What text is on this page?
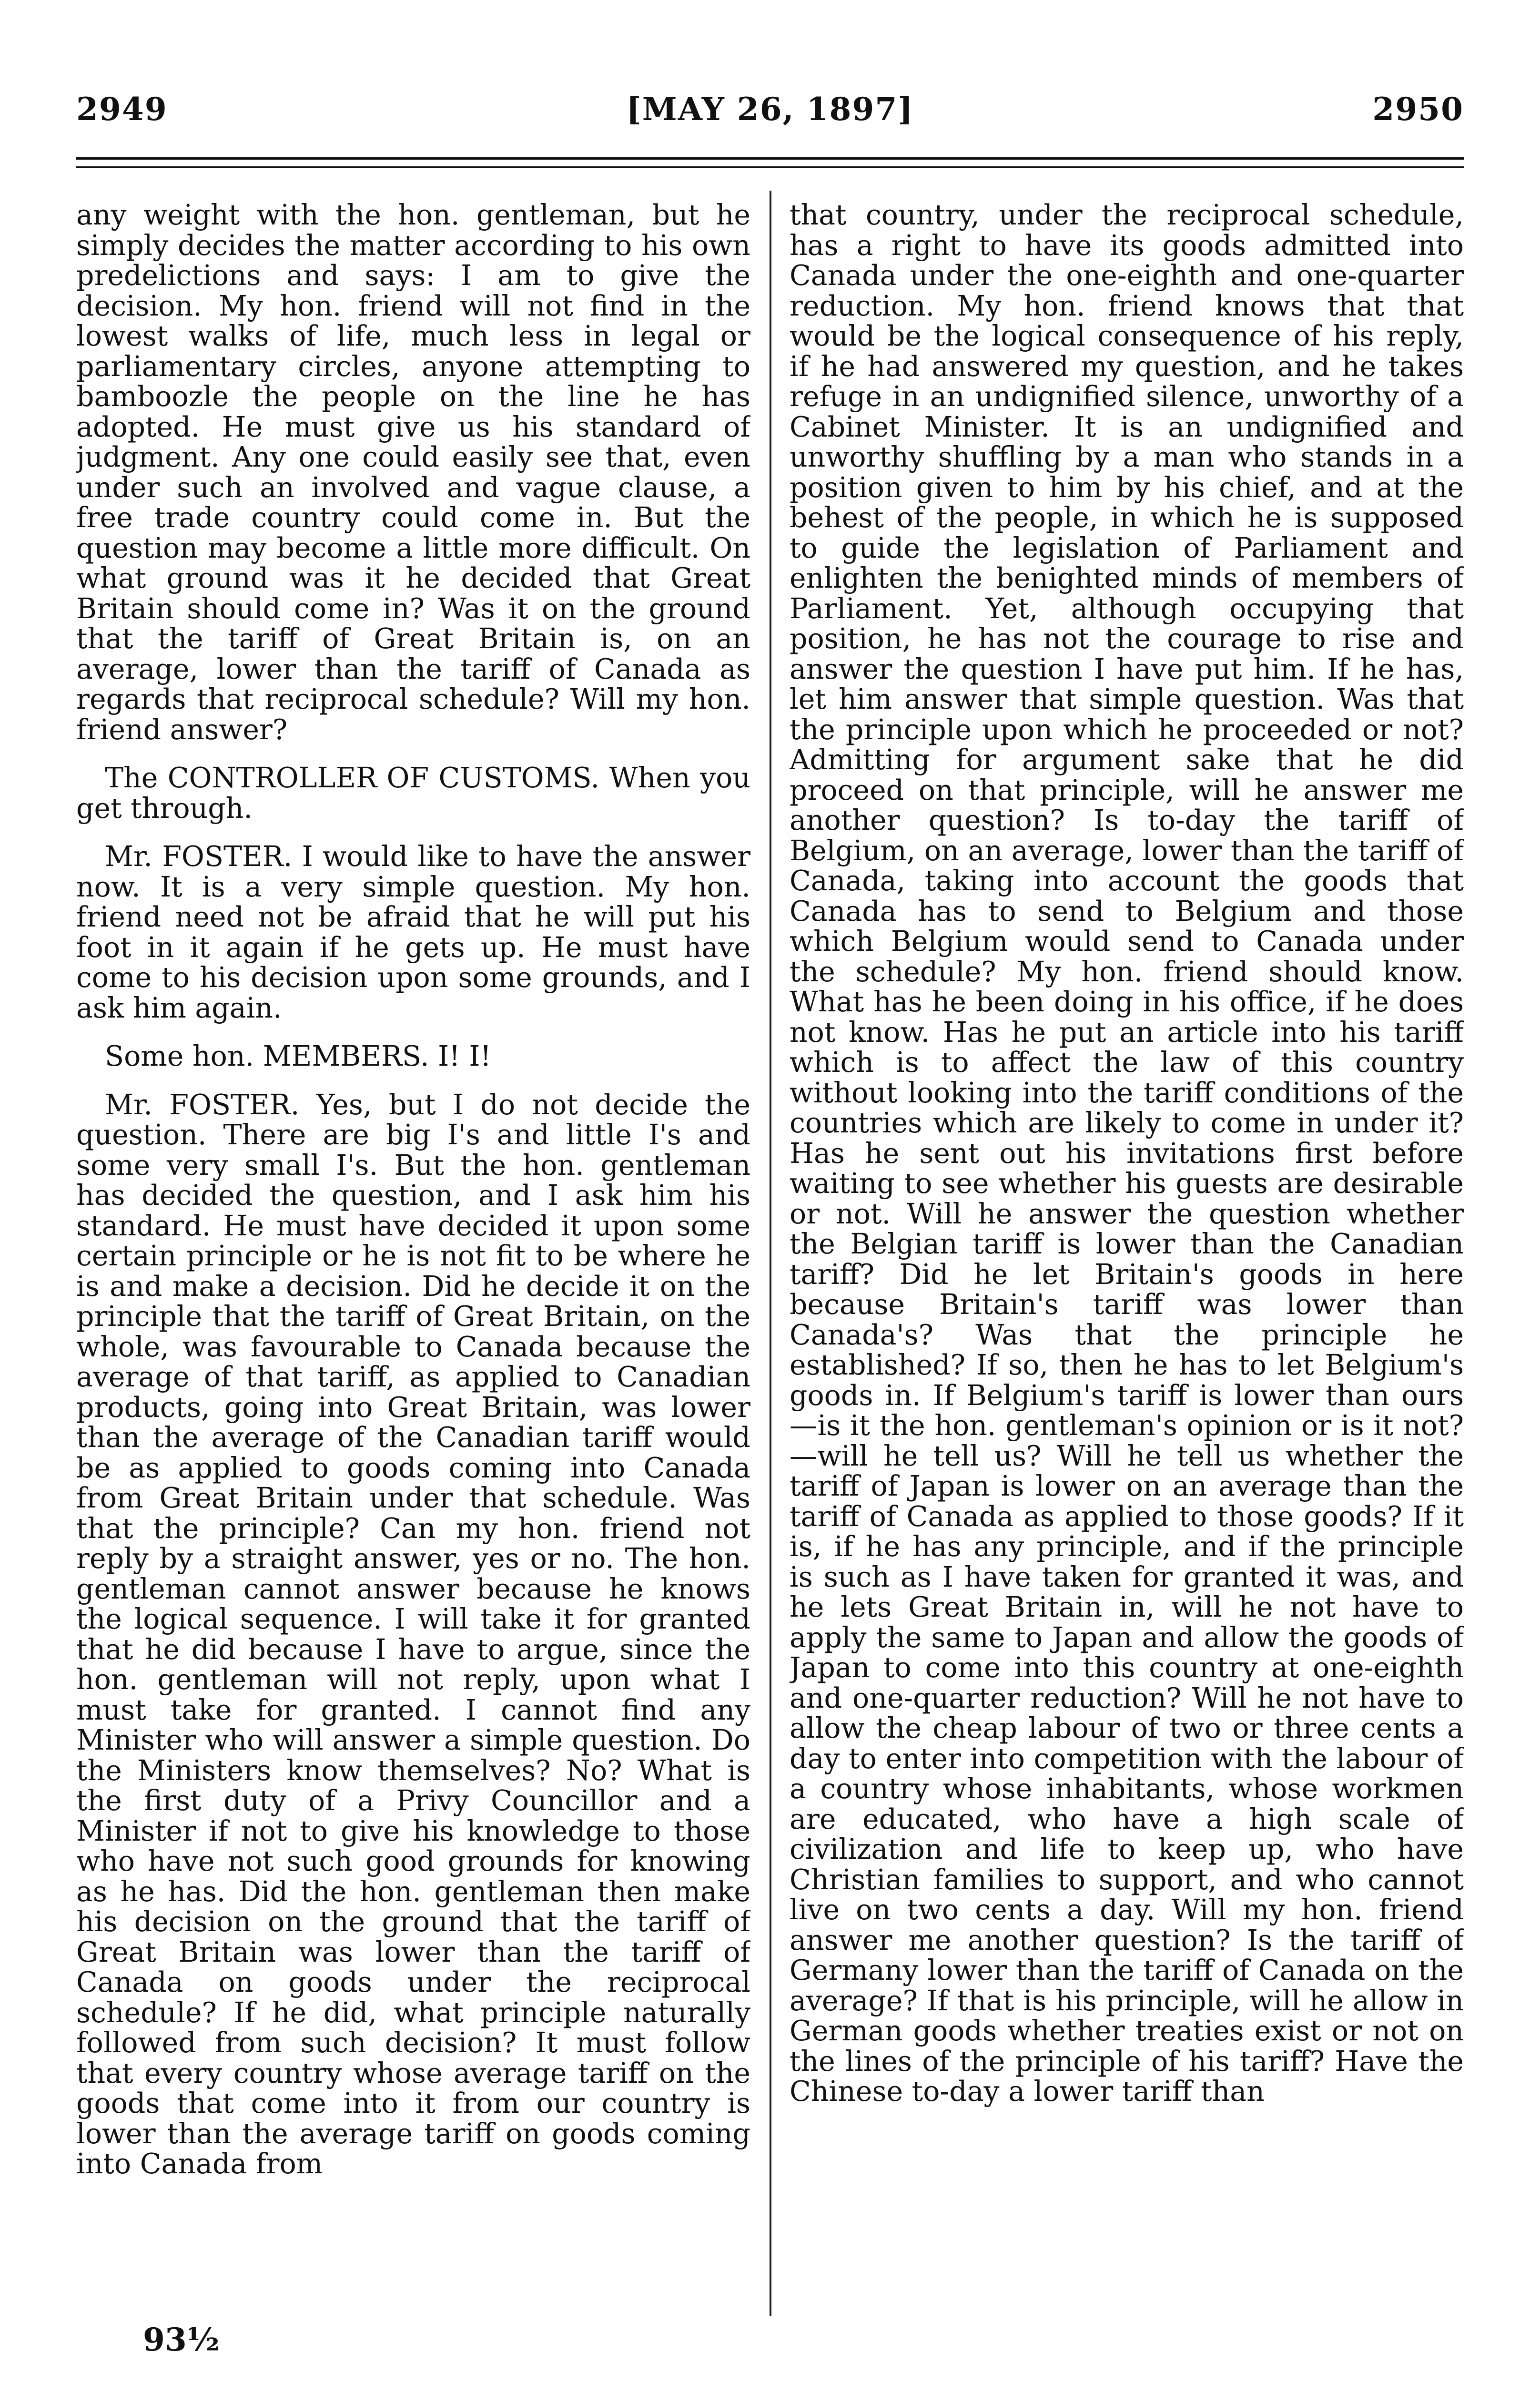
2949	[MAY 26, 1897]	2950

any weight with the hon. gentleman, but he simply decides the matter according to his own predelictions and says: I am to give the decision. My hon. friend will not find in the lowest walks of life, much less in legal or parliamentary circles, anyone attempting to bamboozle the people on the line he has adopted. He must give us his standard of judgment. Any one could easily see that, even under such an involved and vague clause, a free trade country could come in. But the question may become a little more difficult. On what ground was it he decided that Great Britain should come in? Was it on the ground that the tariff of Great Britain is, on an average, lower than the tariff of Canada as regards that reciprocal schedule? Will my hon. friend answer?

The CONTROLLER OF CUSTOMS. When you get through.

Mr. FOSTER. I would like to have the answer now. It is a very simple question. My hon. friend need not be afraid that he will put his foot in it again if he gets up. He must have come to his decision upon some grounds, and I ask him again.

Some hon. MEMBERS. I! I!

Mr. FOSTER. Yes, but I do not decide the question. There are big I's and little I's and some very small I's. But the hon. gentleman has decided the question, and I ask him his standard. He must have decided it upon some certain principle or he is not fit to be where he is and make a decision. Did he decide it on the principle that the tariff of Great Britain, on the whole, was favourable to Canada because the average of that tariff, as applied to Canadian products, going into Great Britain, was lower than the average of the Canadian tariff would be as applied to goods coming into Canada from Great Britain under that schedule. Was that the principle? Can my hon. friend not reply by a straight answer, yes or no. The hon. gentleman cannot answer because he knows the logical sequence. I will take it for granted that he did because I have to argue, since the hon. gentleman will not reply, upon what I must take for granted. I cannot find any Minister who will answer a simple question. Do the Ministers know themselves? No? What is the first duty of a Privy Councillor and a Minister if not to give his knowledge to those who have not such good grounds for knowing as he has. Did the hon. gentleman then make his decision on the ground that the tariff of Great Britain was lower than the tariff of Canada on goods under the reciprocal schedule? If he did, what principle naturally followed from such decision? It must follow that every country whose average tariff on the goods that come into it from our country is lower than the average tariff on goods coming into Canada from

that country, under the reciprocal schedule, has a right to have its goods admitted into Canada under the one-eighth and one-quarter reduction. My hon. friend knows that that would be the logical consequence of his reply, if he had answered my question, and he takes refuge in an undignified silence, unworthy of a Cabinet Minister. It is an undignified and unworthy shuffling by a man who stands in a position given to him by his chief, and at the behest of the people, in which he is supposed to guide the legislation of Parliament and enlighten the benighted minds of members of Parliament. Yet, although occupying that position, he has not the courage to rise and answer the question I have put him. If he has, let him answer that simple question. Was that the principle upon which he proceeded or not? Admitting for argument sake that he did proceed on that principle, will he answer me another question? Is to-day the tariff of Belgium, on an average, lower than the tariff of Canada, taking into account the goods that Canada has to send to Belgium and those which Belgium would send to Canada under the schedule? My hon. friend should know. What has he been doing in his office, if he does not know. Has he put an article into his tariff which is to affect the law of this country without looking into the tariff conditions of the countries which are likely to come in under it? Has he sent out his invitations first before waiting to see whether his guests are desirable or not. Will he answer the question whether the Belgian tariff is lower than the Canadian tariff? Did he let Britain's goods in here because Britain's tariff was lower than Canada's? Was that the principle he established? If so, then he has to let Belgium's goods in. If Belgium's tariff is lower than ours—is it the hon. gentleman's opinion or is it not?—will he tell us? Will he tell us whether the tariff of Japan is lower on an average than the tariff of Canada as applied to those goods? If it is, if he has any principle, and if the principle is such as I have taken for granted it was, and he lets Great Britain in, will he not have to apply the same to Japan and allow the goods of Japan to come into this country at one-eighth and one-quarter reduction? Will he not have to allow the cheap labour of two or three cents a day to enter into competition with the labour of a country whose inhabitants, whose workmen are educated, who have a high scale of civilization and life to keep up, who have Christian families to support, and who cannot live on two cents a day. Will my hon. friend answer me another question? Is the tariff of Germany lower than the tariff of Canada on the average? If that is his principle, will he allow in German goods whether treaties exist or not on the lines of the principle of his tariff? Have the Chinese to-day a lower tariff than

93½
